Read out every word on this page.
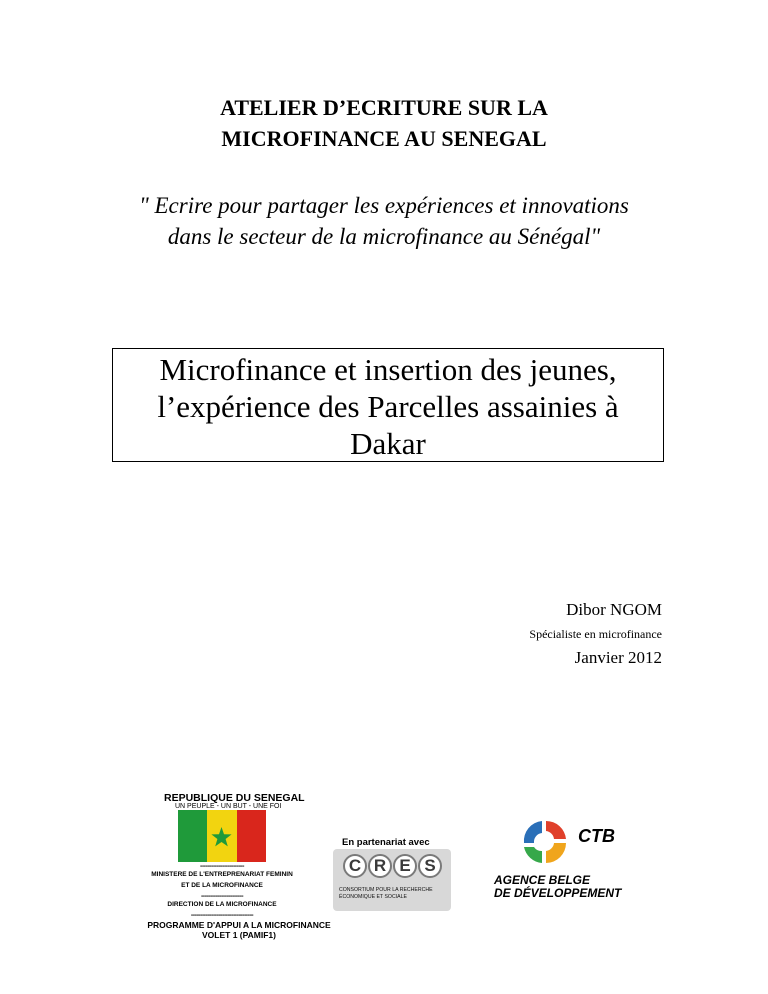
ATELIER D’ECRITURE SUR LA
MICROFINANCE AU SENEGAL
" Ecrire pour partager les expériences et innovations
dans le secteur de la microfinance au Sénégal"
Microfinance et insertion des jeunes,
l’expérience des Parcelles assainies à
Dakar
Dibor NGOM
Spécialiste en microfinance
Janvier 2012
REPUBLIQUE DU SENEGAL
UN PEUPLE - UN BUT - UNE FOI
------------------------
MINISTERE DE L'ENTREPRENARIAT FEMININ
ET DE LA MICROFINANCE
-----------------------
DIRECTION DE LA MICROFINANCE
----------------------------------
PROGRAMME D'APPUI A LA MICROFINANCE
VOLET 1 (PAMIF1)
En partenariat avec
C R E S
CONSORTIUM POUR LA RECHERCHE
ÉCONOMIQUE ET SOCIALE
CTB
AGENCE BELGE
DE DÉVELOPPEMENT
